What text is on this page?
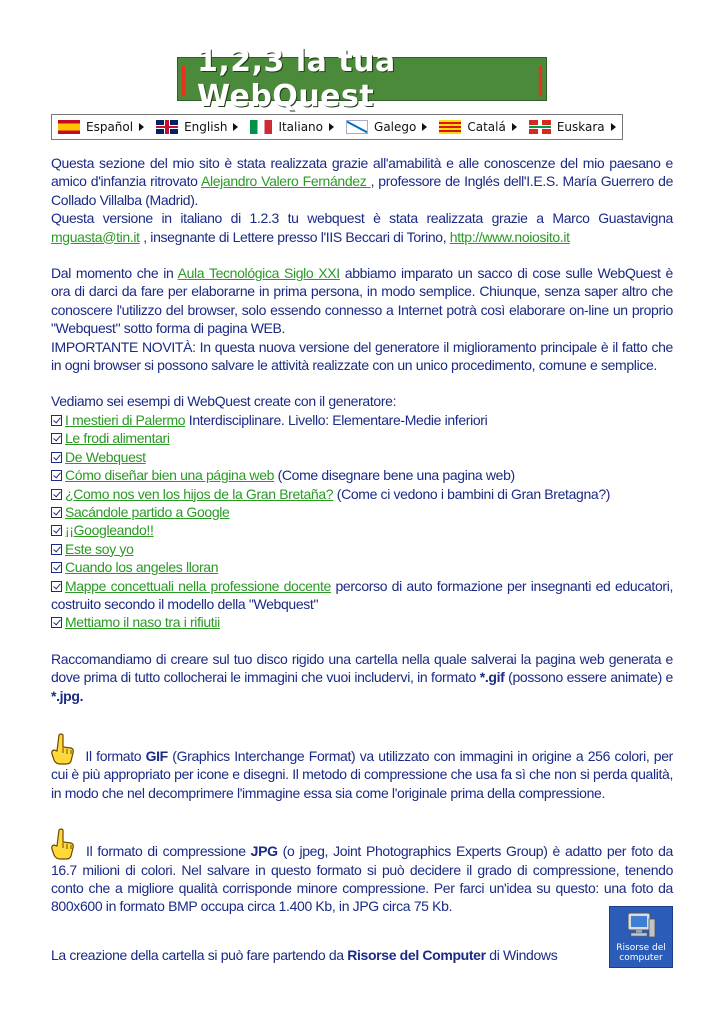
| 1,2,3 la tua WebQuest	|
Español	English	Italiano	Galego	Catalá	Euskara

Questa sezione del mio sito è stata realizzata grazie all'amabilità e alle conoscenze del mio paesano e amico d'infanzia ritrovato Alejandro Valero Fernández , professore de Inglés dell'I.E.S. María Guerrero de Collado Villalba (Madrid).
Questa versione in italiano di 1.2.3 tu webquest è stata realizzata grazie a Marco Guastavigna mguasta@tin.it , insegnante di Lettere presso l'IIS Beccari di Torino, http://www.noiosito.it

Dal momento che in Aula Tecnológica Siglo XXI abbiamo imparato un sacco di cose sulle WebQuest è ora di darci da fare per elaborarne in prima persona, in modo semplice. Chiunque, senza saper altro che conoscere l'utilizzo del browser, solo essendo connesso a Internet potrà così elaborare on-line un proprio "Webquest" sotto forma di pagina WEB.
IMPORTANTE NOVITÀ: In questa nuova versione del generatore il miglioramento principale è il fatto che in ogni browser si possono salvare le attività realizzate con un unico procedimento, comune e semplice.

Vediamo sei esempi di WebQuest create con il generatore:

I mestieri di Palermo Interdisciplinare. Livello: Elementare-Medie inferiori

Le frodi alimentari

De Webquest

Cómo diseñar bien una página web (Come disegnare bene una pagina web)

¿Como nos ven los hijos de la Gran Bretaña? (Come ci vedono i bambini di Gran Bretagna?)

Sacándole partido a Google

¡¡Googleando!!

Este soy yo

Cuando los angeles lloran

Mappe concettuali nella professione docente percorso di auto formazione per insegnanti ed educatori, costruito secondo il modello della "Webquest"

Mettiamo il naso tra i rifiutii

Raccomandiamo di creare sul tuo disco rigido una cartella nella quale salverai la pagina web generata e dove prima di tutto collocherai le immagini che vuoi includervi, in formato *.gif (possono essere animate) e *.jpg.

Il formato GIF (Graphics Interchange Format) va utilizzato con immagini in origine a 256 colori, per cui è più appropriato per icone e disegni. Il metodo di compressione che usa fa sì che non si perda qualità, in modo che nel decomprimere l'immagine essa sia come l'originale prima della compressione.

Il formato di compressione JPG (o jpeg, Joint Photographics Experts Group) è adatto per foto da 16.7 milioni di colori. Nel salvare in questo formato si può decidere il grado di compressione, tenendo conto che a migliore qualità corrisponde minore compressione. Per farci un'idea su questo: una foto da 800x600 in formato BMP occupa circa 1.400 Kb, in JPG circa 75 Kb.

La creazione della cartella si può fare partendo da Risorse del Computer di Windows	Risorse del computer
